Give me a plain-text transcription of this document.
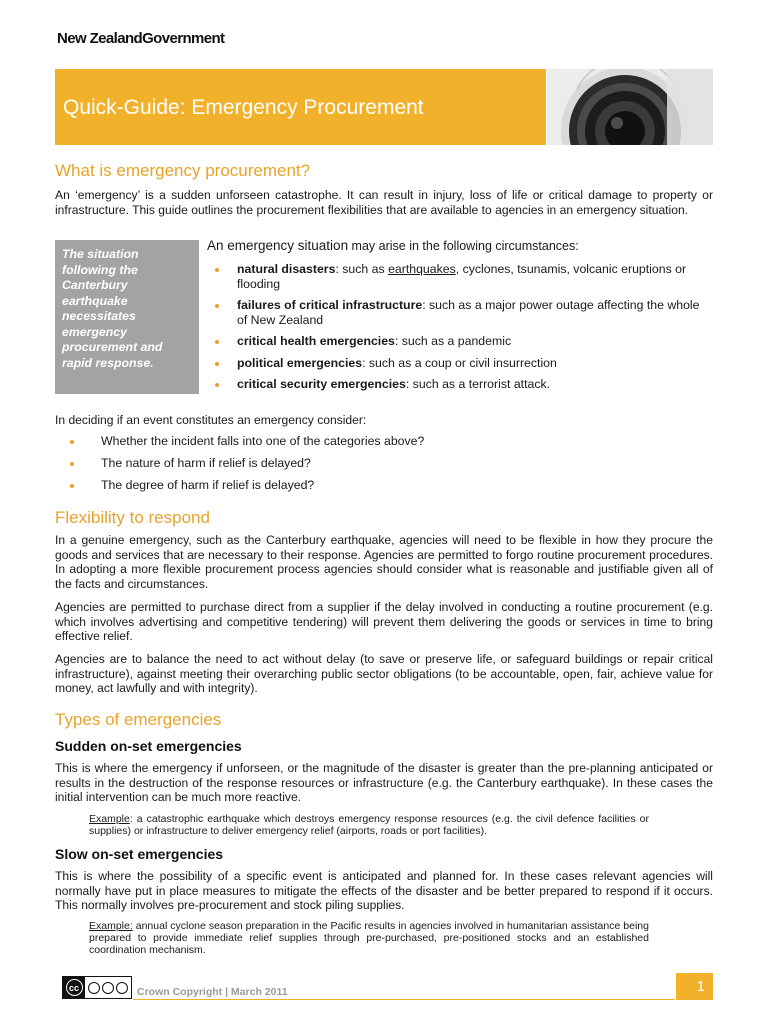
New ZealandGovernment
Quick-Guide: Emergency Procurement
What is emergency procurement?
An ‘emergency’ is a sudden unforseen catastrophe. It can result in injury, loss of life or critical damage to property or infrastructure. This guide outlines the procurement flexibilities that are available to agencies in an emergency situation.
The situation following the Canterbury earthquake necessitates emergency procurement and rapid response.
An emergency situation may arise in the following circumstances:
natural disasters: such as earthquakes, cyclones, tsunamis, volcanic eruptions or flooding
failures of critical infrastructure: such as a major power outage affecting the whole of New Zealand
critical health emergencies: such as a pandemic
political emergencies: such as a coup or civil insurrection
critical security emergencies: such as a terrorist attack.
In deciding if an event constitutes an emergency consider:
Whether the incident falls into one of the categories above?
The nature of harm if relief is delayed?
The degree of harm if relief is delayed?
Flexibility to respond
In a genuine emergency, such as the Canterbury earthquake, agencies will need to be flexible in how they procure the goods and services that are necessary to their response. Agencies are permitted to forgo routine procurement procedures. In adopting a more flexible procurement process agencies should consider what is reasonable and justifiable given all of the facts and circumstances.
Agencies are permitted to purchase direct from a supplier if the delay involved in conducting a routine procurement (e.g. which involves advertising and competitive tendering) will prevent them delivering the goods or services in time to bring effective relief.
Agencies are to balance the need to act without delay (to save or preserve life, or safeguard buildings or repair critical infrastructure), against meeting their overarching public sector obligations (to be accountable, open, fair, achieve value for money, act lawfully and with integrity).
Types of emergencies
Sudden on-set emergencies
This is where the emergency if unforseen, or the magnitude of the disaster is greater than the pre-planning anticipated or results in the destruction of the response resources or infrastructure (e.g. the Canterbury earthquake). In these cases the initial intervention can be much more reactive.
Example: a catastrophic earthquake which destroys emergency response resources (e.g. the civil defence facilities or supplies) or infrastructure to deliver emergency relief (airports, roads or port facilities).
Slow on-set emergencies
This is where the possibility of a specific event is anticipated and planned for. In these cases relevant agencies will normally have put in place measures to mitigate the effects of the disaster and be better prepared to respond if it occurs. This normally involves pre-procurement and stock piling supplies.
Example: annual cyclone season preparation in the Pacific results in agencies involved in humanitarian assistance being prepared to provide immediate relief supplies through pre-purchased, pre-positioned stocks and an established coordination mechanism.
cc	Crown Copyright | March 2011	1
